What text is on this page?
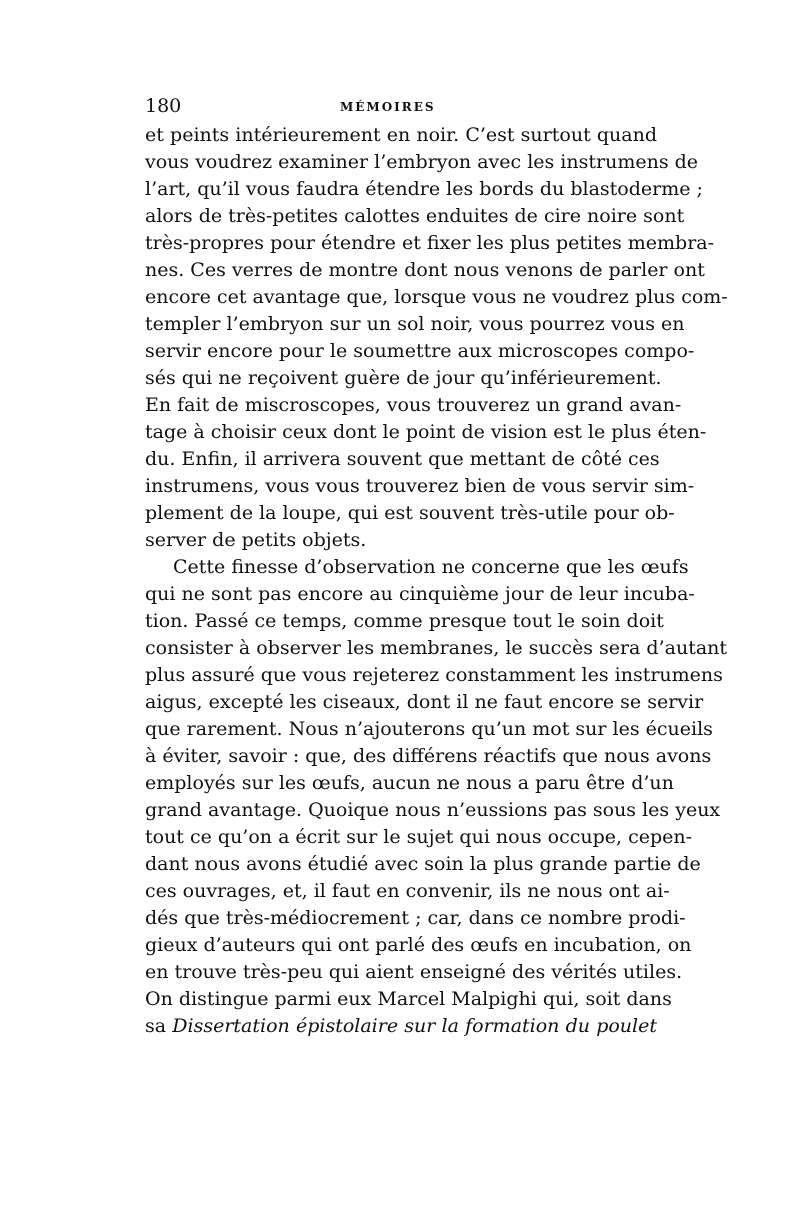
180	MÉMOIRES
et peints intérieurement en noir. C’est surtout quand
vous voudrez examiner l’embryon avec les instrumens de
l’art, qu’il vous faudra étendre les bords du blastoderme ;
alors de très-petites calottes enduites de cire noire sont
très-propres pour étendre et fixer les plus petites membra-
nes. Ces verres de montre dont nous venons de parler ont
encore cet avantage que, lorsque vous ne voudrez plus com-
templer l’embryon sur un sol noir, vous pourrez vous en
servir encore pour le soumettre aux microscopes compo-
sés qui ne reçoivent guère de jour qu’inférieurement.
En fait de miscroscopes, vous trouverez un grand avan-
tage à choisir ceux dont le point de vision est le plus éten-
du. Enfin, il arrivera souvent que mettant de côté ces
instrumens, vous vous trouverez bien de vous servir sim-
plement de la loupe, qui est souvent très-utile pour ob-
server de petits objets.
Cette finesse d’observation ne concerne que les œufs
qui ne sont pas encore au cinquième jour de leur incuba-
tion. Passé ce temps, comme presque tout le soin doit
consister à observer les membranes, le succès sera d’autant
plus assuré que vous rejeterez constamment les instrumens
aigus, excepté les ciseaux, dont il ne faut encore se servir
que rarement. Nous n’ajouterons qu’un mot sur les écueils
à éviter, savoir : que, des différens réactifs que nous avons
employés sur les œufs, aucun ne nous a paru être d’un
grand avantage. Quoique nous n’eussions pas sous les yeux
tout ce qu’on a écrit sur le sujet qui nous occupe, cepen-
dant nous avons étudié avec soin la plus grande partie de
ces ouvrages, et, il faut en convenir, ils ne nous ont ai-
dés que très-médiocrement ; car, dans ce nombre prodi-
gieux d’auteurs qui ont parlé des œufs en incubation, on
en trouve très-peu qui aient enseigné des vérités utiles.
On distingue parmi eux Marcel Malpighi qui, soit dans
sa Dissertation épistolaire sur la formation du poulet
